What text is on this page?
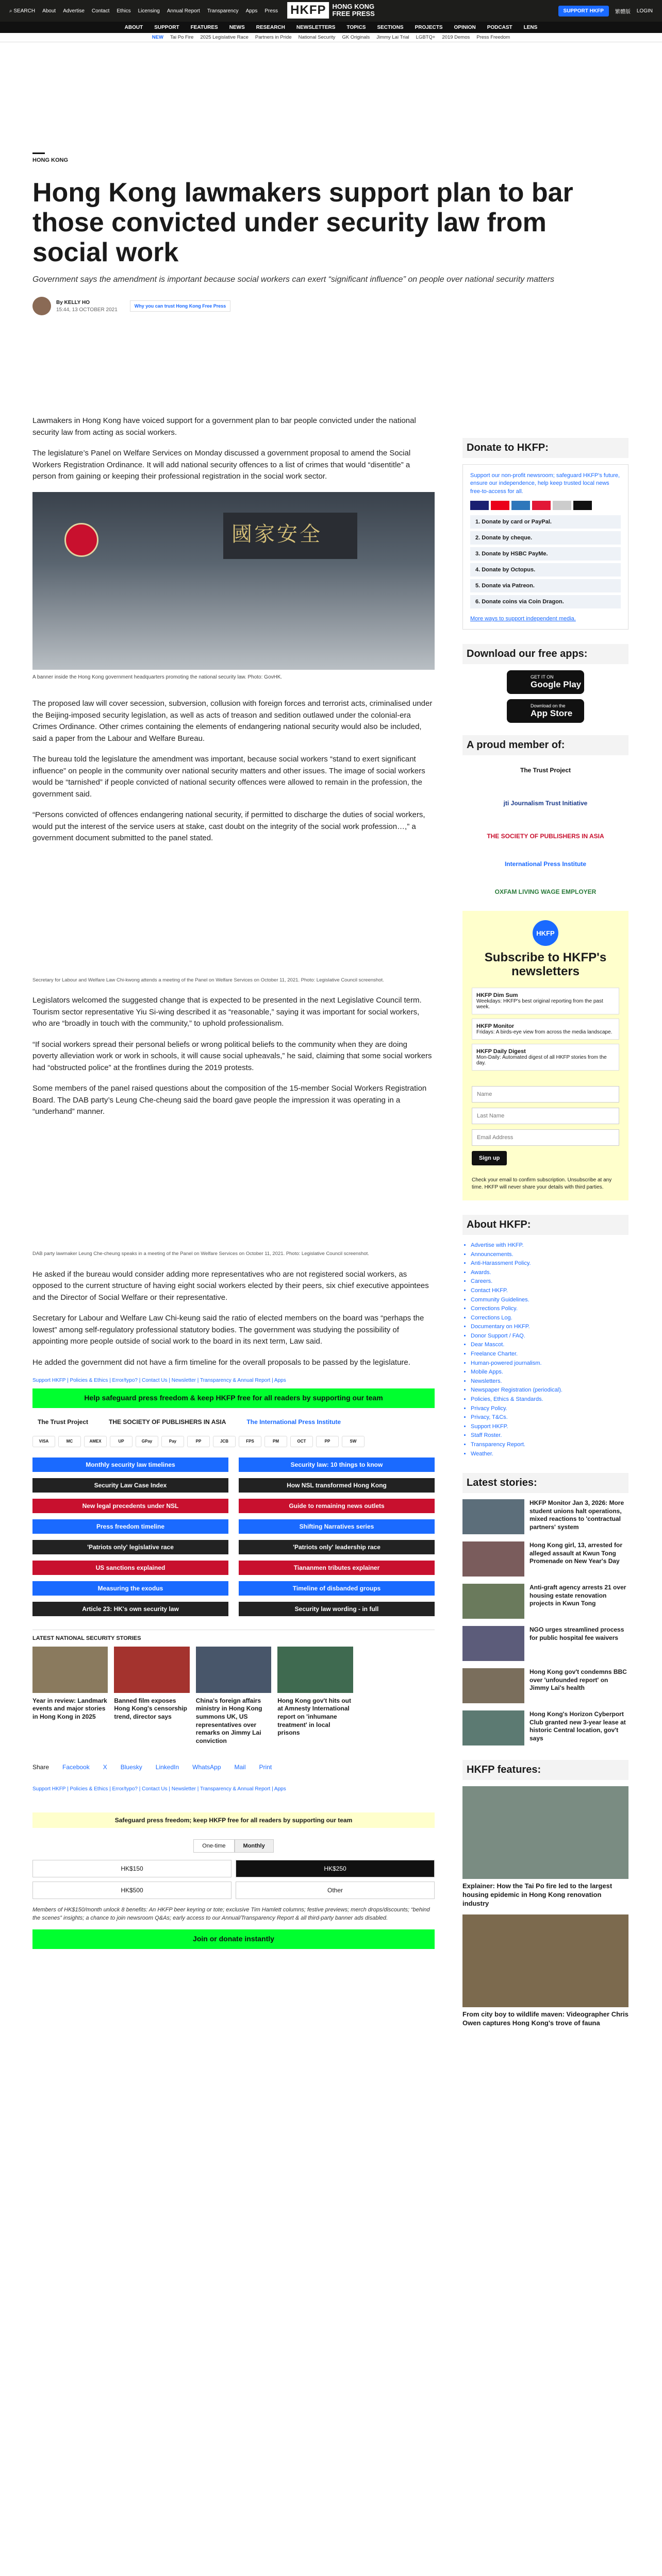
⌕ SEARCH About Advertise Contact Ethics Licensing Annual Report Transparency Apps Press HKFP HONG KONG
FREE PRESS	SUPPORT HKFP	繁體版 LOGIN
ABOUT SUPPORT FEATURES NEWS RESEARCH NEWSLETTERS TOPICS SECTIONS PROJECTS OPINION PODCAST LENS
NEW Tai Po Fire 2025 Legislative Race Partners in Pride National Security GK Originals Jimmy Lai Trial LGBTQ+ 2019 Demos Press Freedom
HONG KONG
Hong Kong lawmakers support plan to bar those convicted under security law from social work

Government says the amendment is important because social workers can exert “significant influence” on people over national security matters

By KELLY HO
15:44, 13 OCTOBER 2021
Why you can trust Hong Kong Free Press

Lawmakers in Hong Kong have voiced support for a government plan to bar people convicted under the national security law from acting as social workers.

The legislature’s Panel on Welfare Services on Monday discussed a government proposal to amend the Social Workers Registration Ordinance. It will add national security offences to a list of crimes that would “disentitle” a person from gaining or keeping their professional registration in the social work sector.

國家安全
A banner inside the Hong Kong government headquarters promoting the national security law. Photo: GovHK.

The proposed law will cover secession, subversion, collusion with foreign forces and terrorist acts, criminalised under the Beijing-imposed security legislation, as well as acts of treason and sedition outlawed under the colonial-era Crimes Ordinance. Other crimes containing the elements of endangering national security would also be included, said a paper from the Labour and Welfare Bureau.

The bureau told the legislature the amendment was important, because social workers “stand to exert significant influence” on people in the community over national security matters and other issues. The image of social workers would be “tarnished” if people convicted of national security offences were allowed to remain in the profession, the government said.

“Persons convicted of offences endangering national security, if permitted to discharge the duties of social workers, would put the interest of the service users at stake, cast doubt on the integrity of the social work profession…,” a government document submitted to the panel stated.

Secretary for Labour and Welfare Law Chi-kwong attends a meeting of the Panel on Welfare Services on October 11, 2021. Photo: Legislative Council screenshot.

Legislators welcomed the suggested change that is expected to be presented in the next Legislative Council term. Tourism sector representative Yiu Si-wing described it as “reasonable,” saying it was important for social workers, who are “broadly in touch with the community,” to uphold professionalism.

“If social workers spread their personal beliefs or wrong political beliefs to the community when they are doing poverty alleviation work or work in schools, it will cause social upheavals,” he said, claiming that some social workers had “obstructed police” at the frontlines during the 2019 protests.

Some members of the panel raised questions about the composition of the 15-member Social Workers Registration Board. The DAB party’s Leung Che-cheung said the board gave people the impression it was operating in a “underhand” manner.

DAB party lawmaker Leung Che-cheung speaks in a meeting of the Panel on Welfare Services on October 11, 2021. Photo: Legislative Council screenshot.

He asked if the bureau would consider adding more representatives who are not registered social workers, as opposed to the current structure of having eight social workers elected by their peers, six chief executive appointees and the Director of Social Welfare or their representative.

Secretary for Labour and Welfare Law Chi-keung said the ratio of elected members on the board was “perhaps the lowest” among self-regulatory professional statutory bodies. The government was studying the possibility of appointing more people outside of social work to the board in its next term, Law said.

He added the government did not have a firm timeline for the overall proposals to be passed by the legislature.

Support HKFP | Policies & Ethics | Error/typo? | Contact Us | Newsletter | Transparency & Annual Report | Apps
Help safeguard press freedom & keep HKFP free for all readers by supporting our team
The Trust Project	THE SOCIETY OF PUBLISHERS IN ASIA	The International Press Institute
VISA	MC	AMEX	UP	GPay	Pay	PP	JCB	FPS	PM	OCT	PP	SW
Monthly security law timelines	Security law: 10 things to know
Security Law Case Index	How NSL transformed Hong Kong
New legal precedents under NSL	Guide to remaining news outlets
Press freedom timeline	Shifting Narratives series
'Patriots only' legislative race	'Patriots only' leadership race
US sanctions explained	Tiananmen tributes explainer
Measuring the exodus	Timeline of disbanded groups
Article 23: HK's own security law	Security law wording - in full
LATEST NATIONAL SECURITY STORIES
Year in review: Landmark events and major stories in Hong Kong in 2025
Banned film exposes Hong Kong's censorship trend, director says
China's foreign affairs ministry in Hong Kong summons UK, US representatives over remarks on Jimmy Lai conviction
Hong Kong gov't hits out at Amnesty International report on 'inhumane treatment' in local prisons
Share Facebook X Bluesky LinkedIn WhatsApp Mail Print
Support HKFP | Policies & Ethics | Error/typo? | Contact Us | Newsletter | Transparency & Annual Report | Apps
Safeguard press freedom; keep HKFP free for all readers by supporting our team
One-time	Monthly
HK$150	HK$250
HK$500	Other

Members of HK$150/month unlock 8 benefits: An HKFP beer keyring or tote; exclusive Tim Hamlett columns; festive previews; merch drops/discounts; “behind the scenes” insights; a chance to join newsroom Q&As; early access to our Annual/Transparency Report & all third-party banner ads disabled.

Join or donate instantly
Donate to HKFP:

Support our non-profit newsroom; safeguard HKFP's future, ensure our independence, help keep trusted local news free-to-access for all.

1. Donate by card or PayPal.
2. Donate by cheque.
3. Donate by HSBC PayMe.
4. Donate by Octopus.
5. Donate via Patreon.
6. Donate coins via Coin Dragon.

More ways to support independent media.

Download our free apps:
GET IT ON
Google Play
Download on the
App Store
A proud member of:
The Trust Project
jti Journalism Trust Initiative
THE SOCIETY OF PUBLISHERS IN ASIA
International Press Institute
OXFAM LIVING WAGE EMPLOYER
HKFP
Subscribe to HKFP's newsletters
HKFP Dim Sum
Weekdays: HKFP's best original reporting from the past week.
HKFP Monitor
Fridays: A birds-eye view from across the media landscape.
HKFP Daily Digest
Mon-Daily: Automated digest of all HKFP stories from the day.
Name
Last Name
Email Address
Sign up

Check your email to confirm subscription. Unsubscribe at any time. HKFP will never share your details with third parties.

About HKFP:
• Advertise with HKFP.
• Announcements.
• Anti-Harassment Policy.
• Awards.
• Careers.
• Contact HKFP.
• Community Guidelines.
• Corrections Policy.
• Corrections Log.
• Documentary on HKFP.
• Donor Support / FAQ.
• Dear Mascot.
• Freelance Charter.
• Human-powered journalism.
• Mobile Apps.
• Newsletters.
• Newspaper Registration (periodical).
• Policies, Ethics & Standards.
• Privacy Policy.
• Privacy, T&Cs.
• Support HKFP.
• Staff Roster.
• Transparency Report.
• Weather.
Latest stories:
HKFP Monitor Jan 3, 2026: More student unions halt operations, mixed reactions to 'contractual partners' system
Hong Kong girl, 13, arrested for alleged assault at Kwun Tong Promenade on New Year's Day
Anti-graft agency arrests 21 over housing estate renovation projects in Kwun Tong
NGO urges streamlined process for public hospital fee waivers
Hong Kong gov't condemns BBC over 'unfounded report' on Jimmy Lai's health
Hong Kong's Horizon Cyberport Club granted new 3-year lease at historic Central location, gov't says
HKFP features:
Explainer: How the Tai Po fire led to the largest housing epidemic in Hong Kong renovation industry
From city boy to wildlife maven: Videographer Chris Owen captures Hong Kong's trove of fauna
